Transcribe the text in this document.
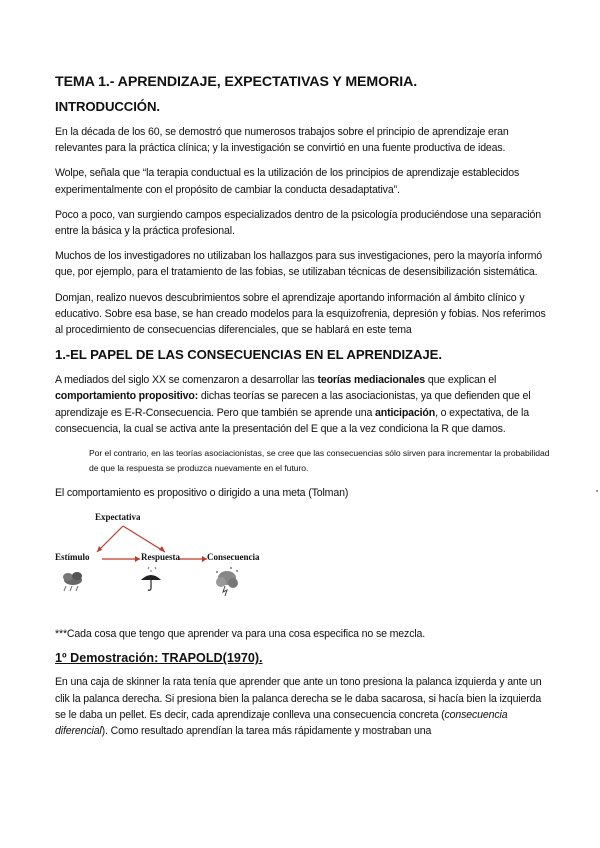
TEMA 1.- APRENDIZAJE, EXPECTATIVAS Y MEMORIA.
INTRODUCCIÓN.

En la década de los 60, se demostró que numerosos trabajos sobre el principio de aprendizaje eran relevantes para la práctica clínica; y la investigación se convirtió en una fuente productiva de ideas.

Wolpe, señala que “la terapia conductual es la utilización de los principios de aprendizaje establecidos experimentalmente con el propósito de cambiar la conducta desadaptativa”.

Poco a poco, van surgiendo campos especializados dentro de la psicología produciéndose una separación entre la básica y la práctica profesional.

Muchos de los investigadores no utilizaban los hallazgos para sus investigaciones, pero la mayoría informó que, por ejemplo, para el tratamiento de las fobias, se utilizaban técnicas de desensibilización sistemática.

Domjan, realizo nuevos descubrimientos sobre el aprendizaje aportando información al ámbito clínico y educativo. Sobre esa base, se han creado modelos para la esquizofrenia, depresión y fobias. Nos referimos al procedimiento de consecuencias diferenciales, que se hablará en este tema

1.-EL PAPEL DE LAS CONSECUENCIAS EN EL APRENDIZAJE.

A mediados del siglo XX se comenzaron a desarrollar las teorías mediacionales que explican el comportamiento propositivo: dichas teorías se parecen a las asociacionistas, ya que defienden que el aprendizaje es E-R-Consecuencia. Pero que también se aprende una anticipación, o expectativa, de la consecuencia, la cual se activa ante la presentación del E que a la vez condiciona la R que damos.

Por el contrario, en las teorías asociacionistas, se cree que las consecuencias sólo sirven para incrementar la probabilidad de que la respuesta se produzca nuevamente en el futuro.

El comportamiento es propositivo o dirigido a una meta (Tolman)

Expectativa
Estímulo	Respuesta	Consecuencia

***Cada cosa que tengo que aprender va para una cosa especifica no se mezcla.

1º Demostración: TRAPOLD(1970).

En una caja de skinner la rata tenía que aprender que ante un tono presiona la palanca izquierda y ante un clik la palanca derecha. Si presiona bien la palanca derecha se le daba sacarosa, si hacía bien la izquierda se le daba un pellet. Es decir, cada aprendizaje conlleva una consecuencia concreta (consecuencia diferencial). Como resultado aprendían la tarea más rápidamente y mostraban una
